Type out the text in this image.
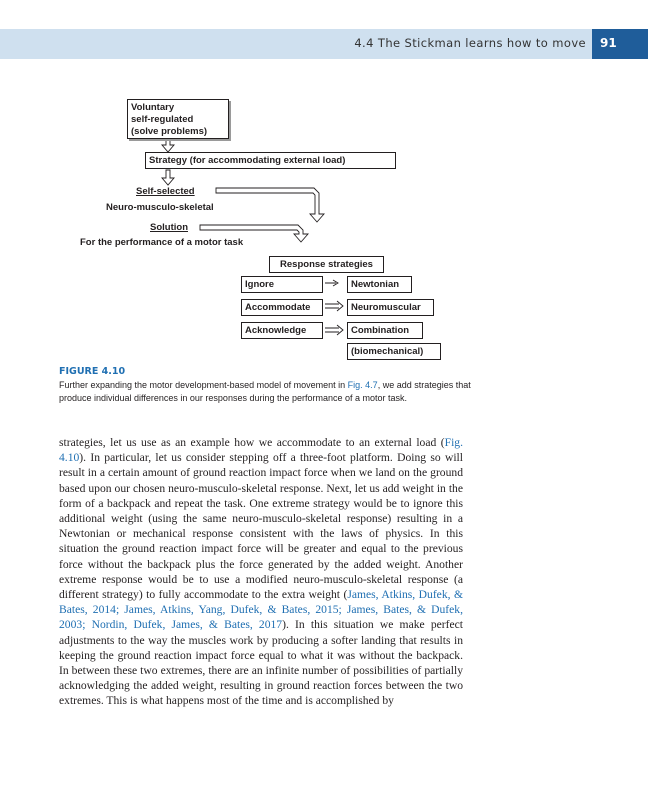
4.4 The Stickman learns how to move 91
Voluntary
self-regulated
(solve problems)
Strategy (for accommodating external load)
Self-selected
Neuro-musculo-skeletal
Solution
For the performance of a motor task
Response strategies
Ignore
Accommodate
Acknowledge
Newtonian
Neuromuscular
Combination
(biomechanical)
FIGURE 4.10
Further expanding the motor development-based model of movement in Fig. 4.7, we add strategies that produce individual differences in our responses during the performance of a motor task.
strategies, let us use as an example how we accommodate to an external load (Fig. 4.10). In particular, let us consider stepping off a three-foot platform. Doing so will result in a certain amount of ground reaction impact force when we land on the ground based upon our chosen neuro-musculo-skeletal response. Next, let us add weight in the form of a backpack and repeat the task. One extreme strategy would be to ignore this additional weight (using the same neuro-musculo-skeletal response) resulting in a Newtonian or mechanical response consistent with the laws of physics. In this situation the ground reaction impact force will be greater and equal to the previous force without the backpack plus the force generated by the added weight. Another extreme response would be to use a modified neuro-musculo-skeletal response (a different strategy) to fully accommodate to the extra weight (James, Atkins, Dufek, & Bates, 2014; James, Atkins, Yang, Dufek, & Bates, 2015; James, Bates, & Dufek, 2003; Nordin, Dufek, James, & Bates, 2017). In this situation we make perfect adjustments to the way the muscles work by producing a softer landing that results in keeping the ground reaction impact force equal to what it was without the backpack. In between these two extremes, there are an infinite number of possibilities of partially acknowledging the added weight, resulting in ground reaction forces between the two extremes. This is what happens most of the time and is accomplished by
